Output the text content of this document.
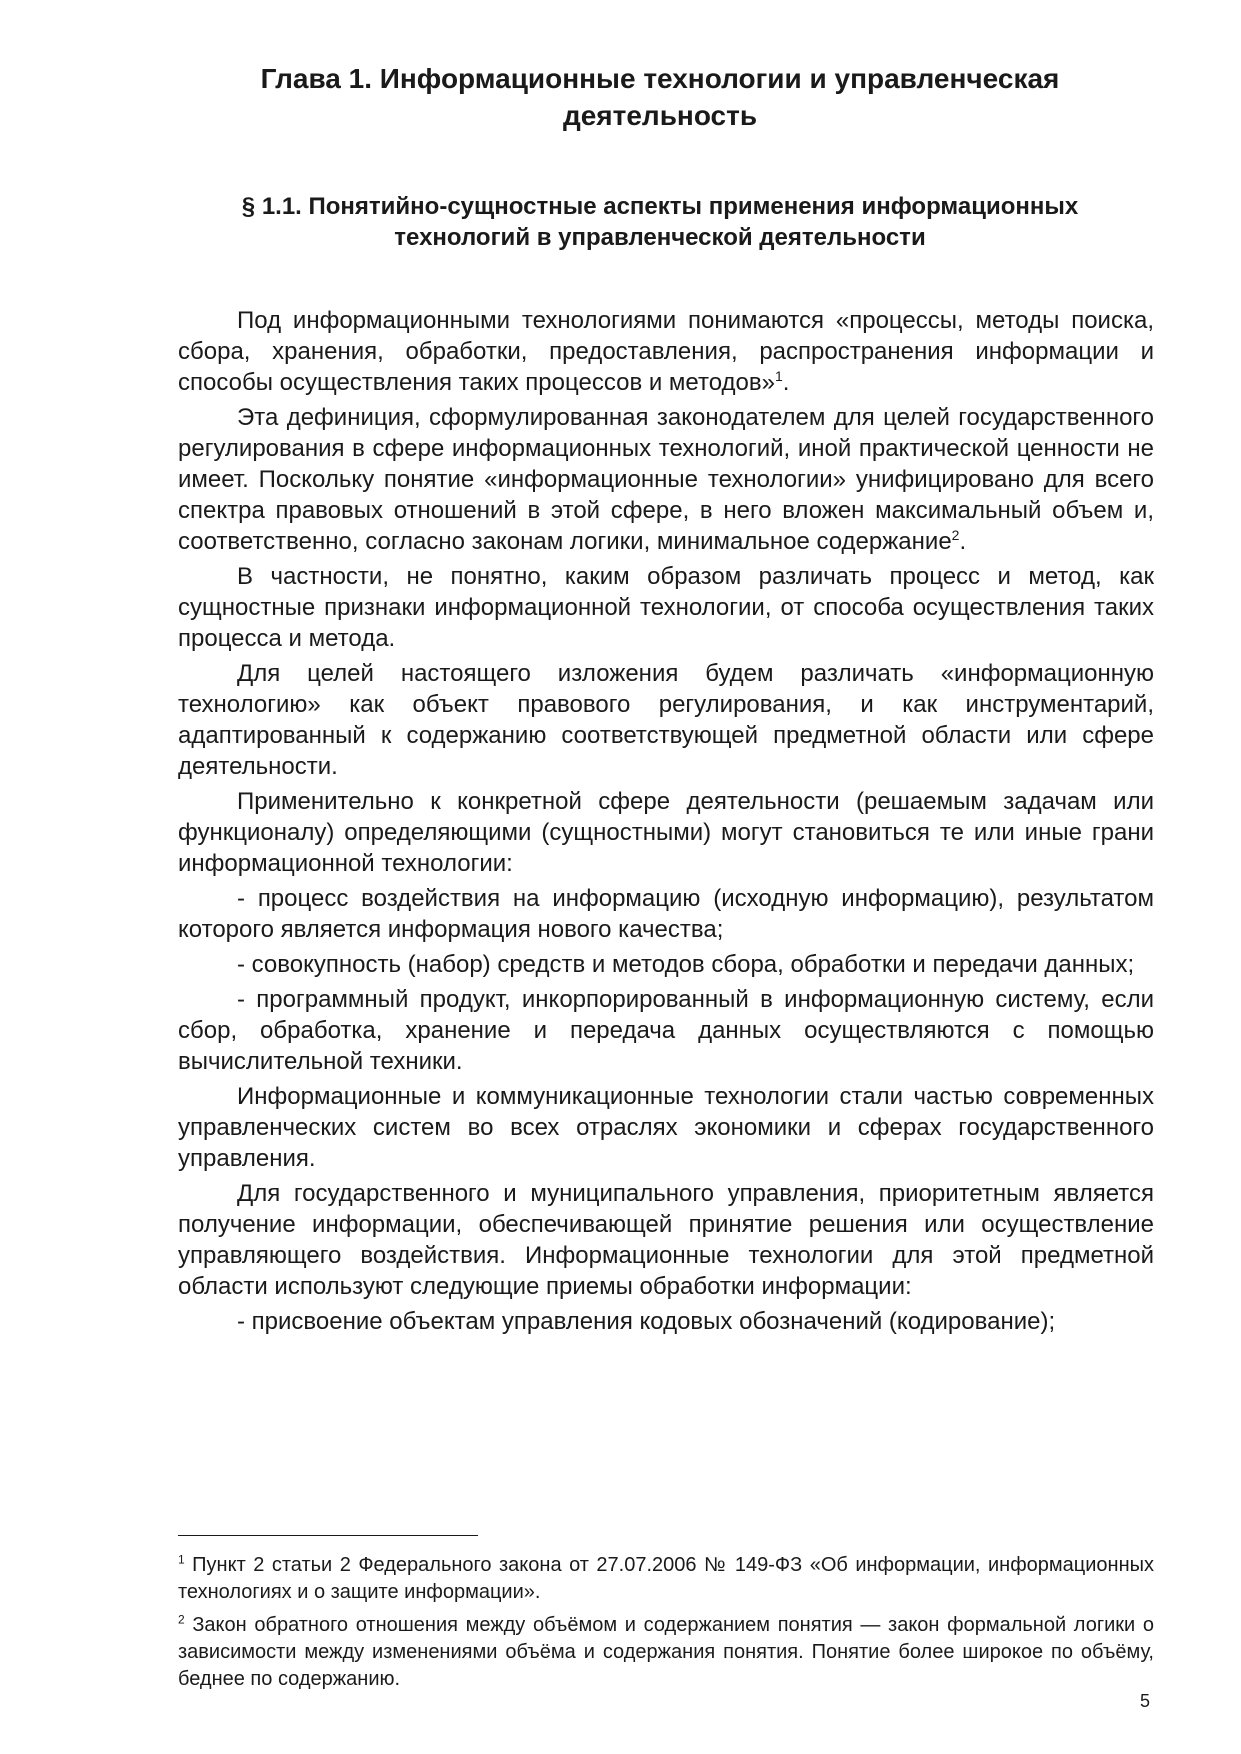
Глава 1. Информационные технологии и управленческая деятельность
§ 1.1. Понятийно-сущностные аспекты применения информационных технологий в управленческой деятельности

Под информационными технологиями понимаются «процессы, методы поиска, сбора, хранения, обработки, предоставления, распространения информации и способы осуществления таких процессов и методов»$^1$.

Эта дефиниция, сформулированная законодателем для целей государственного регулирования в сфере информационных технологий, иной практической ценности не имеет. Поскольку понятие «информационные технологии» унифицировано для всего спектра правовых отношений в этой сфере, в него вложен максимальный объем и, соответственно, согласно законам логики, минимальное содержание$^2$.

В частности, не понятно, каким образом различать процесс и метод, как сущностные признаки информационной технологии, от способа осуществления таких процесса и метода.

Для целей настоящего изложения будем различать «информационную технологию» как объект правового регулирования, и как инструментарий, адаптированный к содержанию соответствующей предметной области или сфере деятельности.

Применительно к конкретной сфере деятельности (решаемым задачам или функционалу) определяющими (сущностными) могут становиться те или иные грани информационной технологии:

- процесс воздействия на информацию (исходную информацию), результатом которого является информация нового качества;

- совокупность (набор) средств и методов сбора, обработки и передачи данных;

- программный продукт, инкорпорированный в информационную систему, если сбор, обработка, хранение и передача данных осуществляются с помощью вычислительной техники.

Информационные и коммуникационные технологии стали частью современных управленческих систем во всех отраслях экономики и сферах государственного управления.

Для государственного и муниципального управления, приоритетным является получение информации, обеспечивающей принятие решения или осуществление управляющего воздействия. Информационные технологии для этой предметной области используют следующие приемы обработки информации:

- присвоение объектам управления кодовых обозначений (кодирование);

$^1$ Пункт 2 статьи 2 Федерального закона от 27.07.2006 № 149-ФЗ «Об информации, информационных технологиях и о защите информации».

$^2$ Закон обратного отношения между объёмом и содержанием понятия — закон формальной логики о зависимости между изменениями объёма и содержания понятия. Понятие более широкое по объёму, беднее по содержанию.

5
